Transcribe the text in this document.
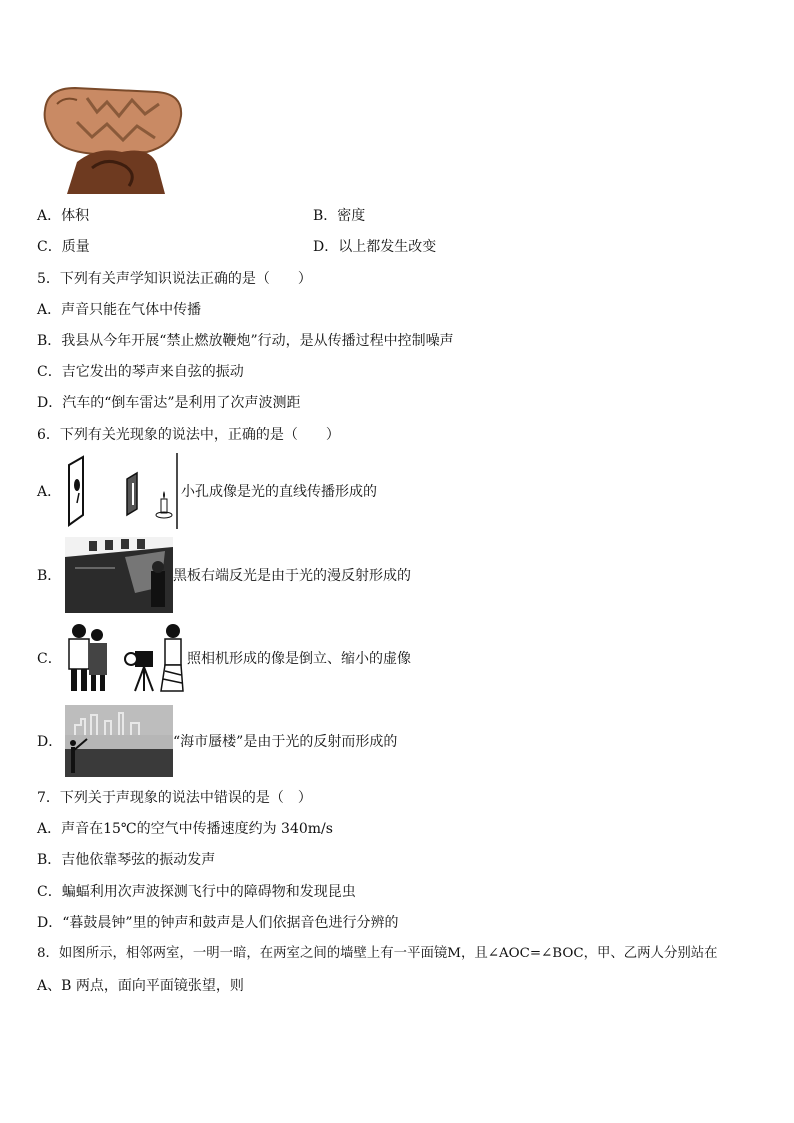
A．体积	B．密度
C．质量	D．以上都发生改变
5．下列有关声学知识说法正确的是（　　）
A．声音只能在气体中传播
B．我县从今年开展“禁止燃放鞭炮”行动，是从传播过程中控制噪声
C．吉它发出的琴声来自弦的振动
D．汽车的“倒车雷达”是利用了次声波测距
6．下列有关光现象的说法中，正确的是（　　）
A．	小孔成像是光的直线传播形成的
B．	黑板右端反光是由于光的漫反射形成的
C．	照相机形成的像是倒立、缩小的虚像
D．	“海市蜃楼”是由于光的反射而形成的
7．下列关于声现象的说法中错误的是（　）
A．声音在15℃的空气中传播速度约为 340m/s
B．吉他依靠琴弦的振动发声
C．蝙蝠利用次声波探测飞行中的障碍物和发现昆虫
D．“暮鼓晨钟”里的钟声和鼓声是人们依据音色进行分辨的
8．如图所示，相邻两室，一明一暗，在两室之间的墙壁上有一平面镜M，且∠AOC=∠BOC，甲、乙两人分别站在
A、B 两点，面向平面镜张望，则
